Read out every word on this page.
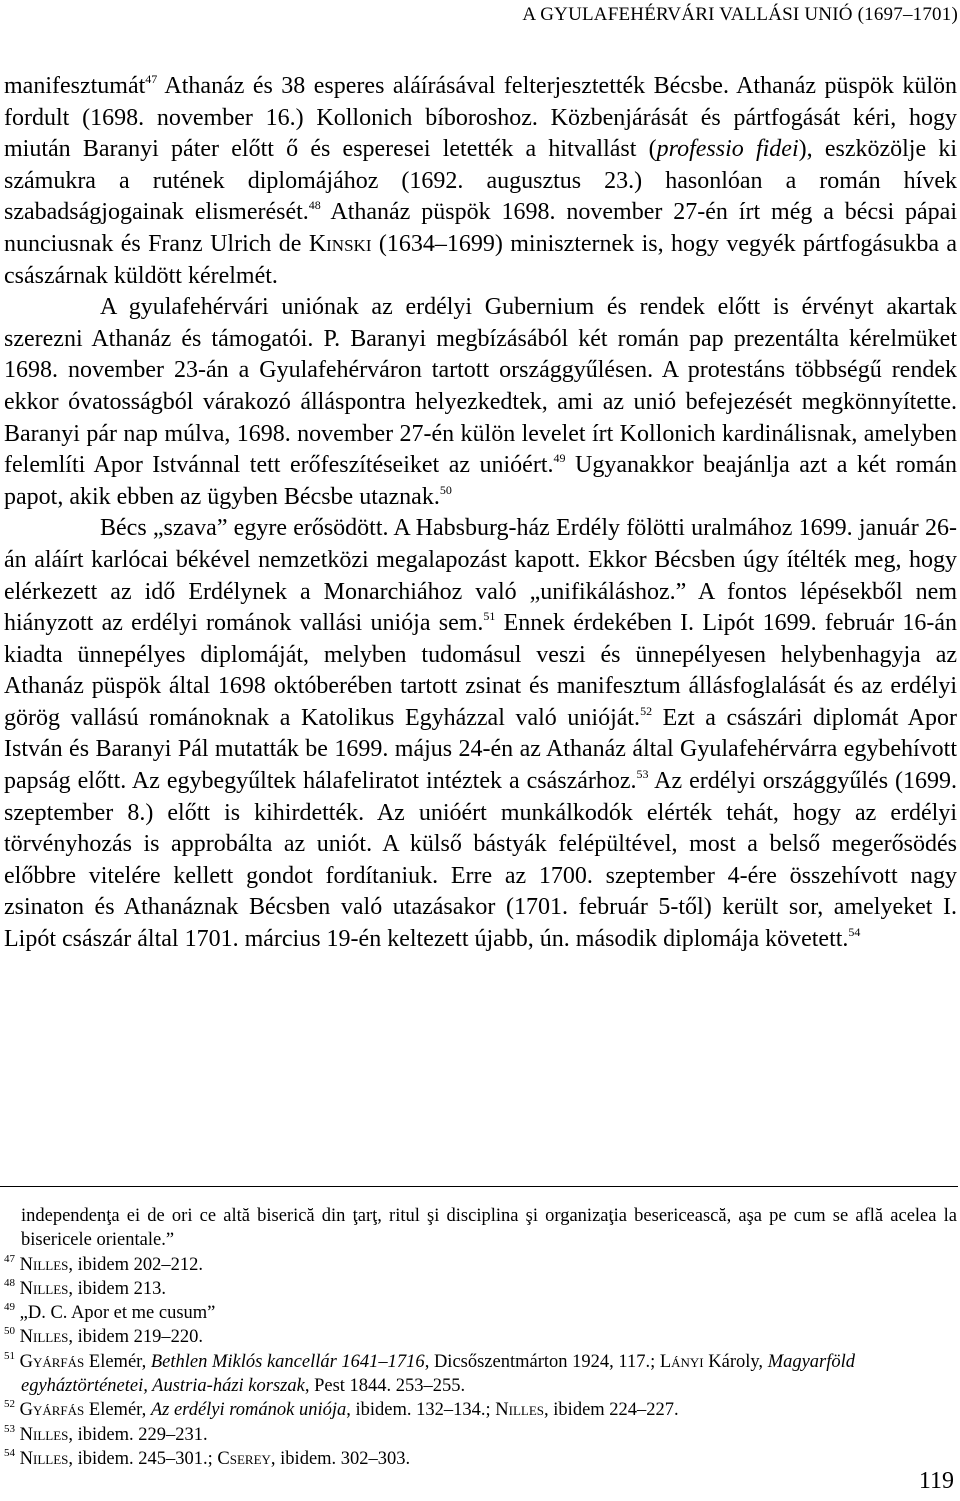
A GYULAFEHÉRVÁRI VALLÁSI UNIÓ (1697–1701)

manifesztumát$^{47}$ Athanáz és 38 esperes aláírásával felterjesztették Bécsbe. Athanáz püspök külön fordult (1698. november 16.) Kollonich bíboroshoz. Közbenjárását és pártfogását kéri, hogy miután Baranyi páter előtt ő és esperesei letették a hitvallást (professio fidei), eszközölje ki számukra a rutének diplomájához (1692. augusztus 23.) hasonlóan a román hívek szabadságjogainak elismerését.$^{48}$ Athanáz püspök 1698. november 27-én írt még a bécsi pápai nunciusnak és Franz Ulrich de Kinski (1634–1699) miniszternek is, hogy vegyék pártfogásukba a császárnak küldött kérelmét.

A gyulafehérvári uniónak az erdélyi Gubernium és rendek előtt is érvényt akartak szerezni Athanáz és támogatói. P. Baranyi megbízásából két román pap prezentálta kérelmüket 1698. november 23-án a Gyulafehérváron tartott országgyűlésen. A protestáns többségű rendek ekkor óvatosságból várakozó álláspontra helyezkedtek, ami az unió befejezését megkönnyítette. Baranyi pár nap múlva, 1698. november 27-én külön levelet írt Kollonich kardinálisnak, amelyben felemlíti Apor Istvánnal tett erőfeszítéseiket az unióért.$^{49}$ Ugyanakkor beajánlja azt a két román papot, akik ebben az ügyben Bécsbe utaznak.$^{50}$

Bécs „szava” egyre erősödött. A Habsburg-ház Erdély fölötti uralmához 1699. január 26-án aláírt karlócai békével nemzetközi megalapozást kapott. Ekkor Bécsben úgy ítélték meg, hogy elérkezett az idő Erdélynek a Monarchiához való „unifikáláshoz.” A fontos lépésekből nem hiányzott az erdélyi románok vallási uniója sem.$^{51}$ Ennek érdekében I. Lipót 1699. február 16-án kiadta ünnepélyes diplomáját, melyben tudomásul veszi és ünnepélyesen helybenhagyja az Athanáz püspök által 1698 októberében tartott zsinat és manifesztum állásfoglalását és az erdélyi görög vallású románoknak a Katolikus Egyházzal való unióját.$^{52}$ Ezt a császári diplomát Apor István és Baranyi Pál mutatták be 1699. május 24-én az Athanáz által Gyulafehérvárra egybehívott papság előtt. Az egybegyűltek hálafeliratot intéztek a császárhoz.$^{53}$ Az erdélyi országgyűlés (1699. szeptember 8.) előtt is kihirdették. Az unióért munkálkodók elérték tehát, hogy az erdélyi törvényhozás is approbálta az uniót. A külső bástyák felépültével, most a belső megerősödés előbbre vitelére kellett gondot fordítaniuk. Erre az 1700. szeptember 4-ére összehívott nagy zsinaton és Athanáznak Bécsben való utazásakor (1701. február 5-től) került sor, amelyeket I. Lipót császár által 1701. március 19-én keltezett újabb, ún. második diplomája követett.$^{54}$

independenţa ei de ori ce altă biserică din ţarţ, ritul şi disciplina şi organizaţia besericească, aşa pe cum se află acelea la bisericele orientale.”

$^{47}$ Nilles, ibidem 202–212.

$^{48}$ Nilles, ibidem 213.

$^{49}$ „D. C. Apor et me cusum”

$^{50}$ Nilles, ibidem 219–220.

$^{51}$ Gyárfás Elemér, Bethlen Miklós kancellár 1641–1716, Dicsőszentmárton 1924, 117.; Lányi Károly, Magyarföld egyháztörténetei, Austria-házi korszak, Pest 1844. 253–255.

$^{52}$ Gyárfás Elemér, Az erdélyi románok uniója, ibidem. 132–134.; Nilles, ibidem 224–227.

$^{53}$ Nilles, ibidem. 229–231.

$^{54}$ Nilles, ibidem. 245–301.; Cserey, ibidem. 302–303.

119
